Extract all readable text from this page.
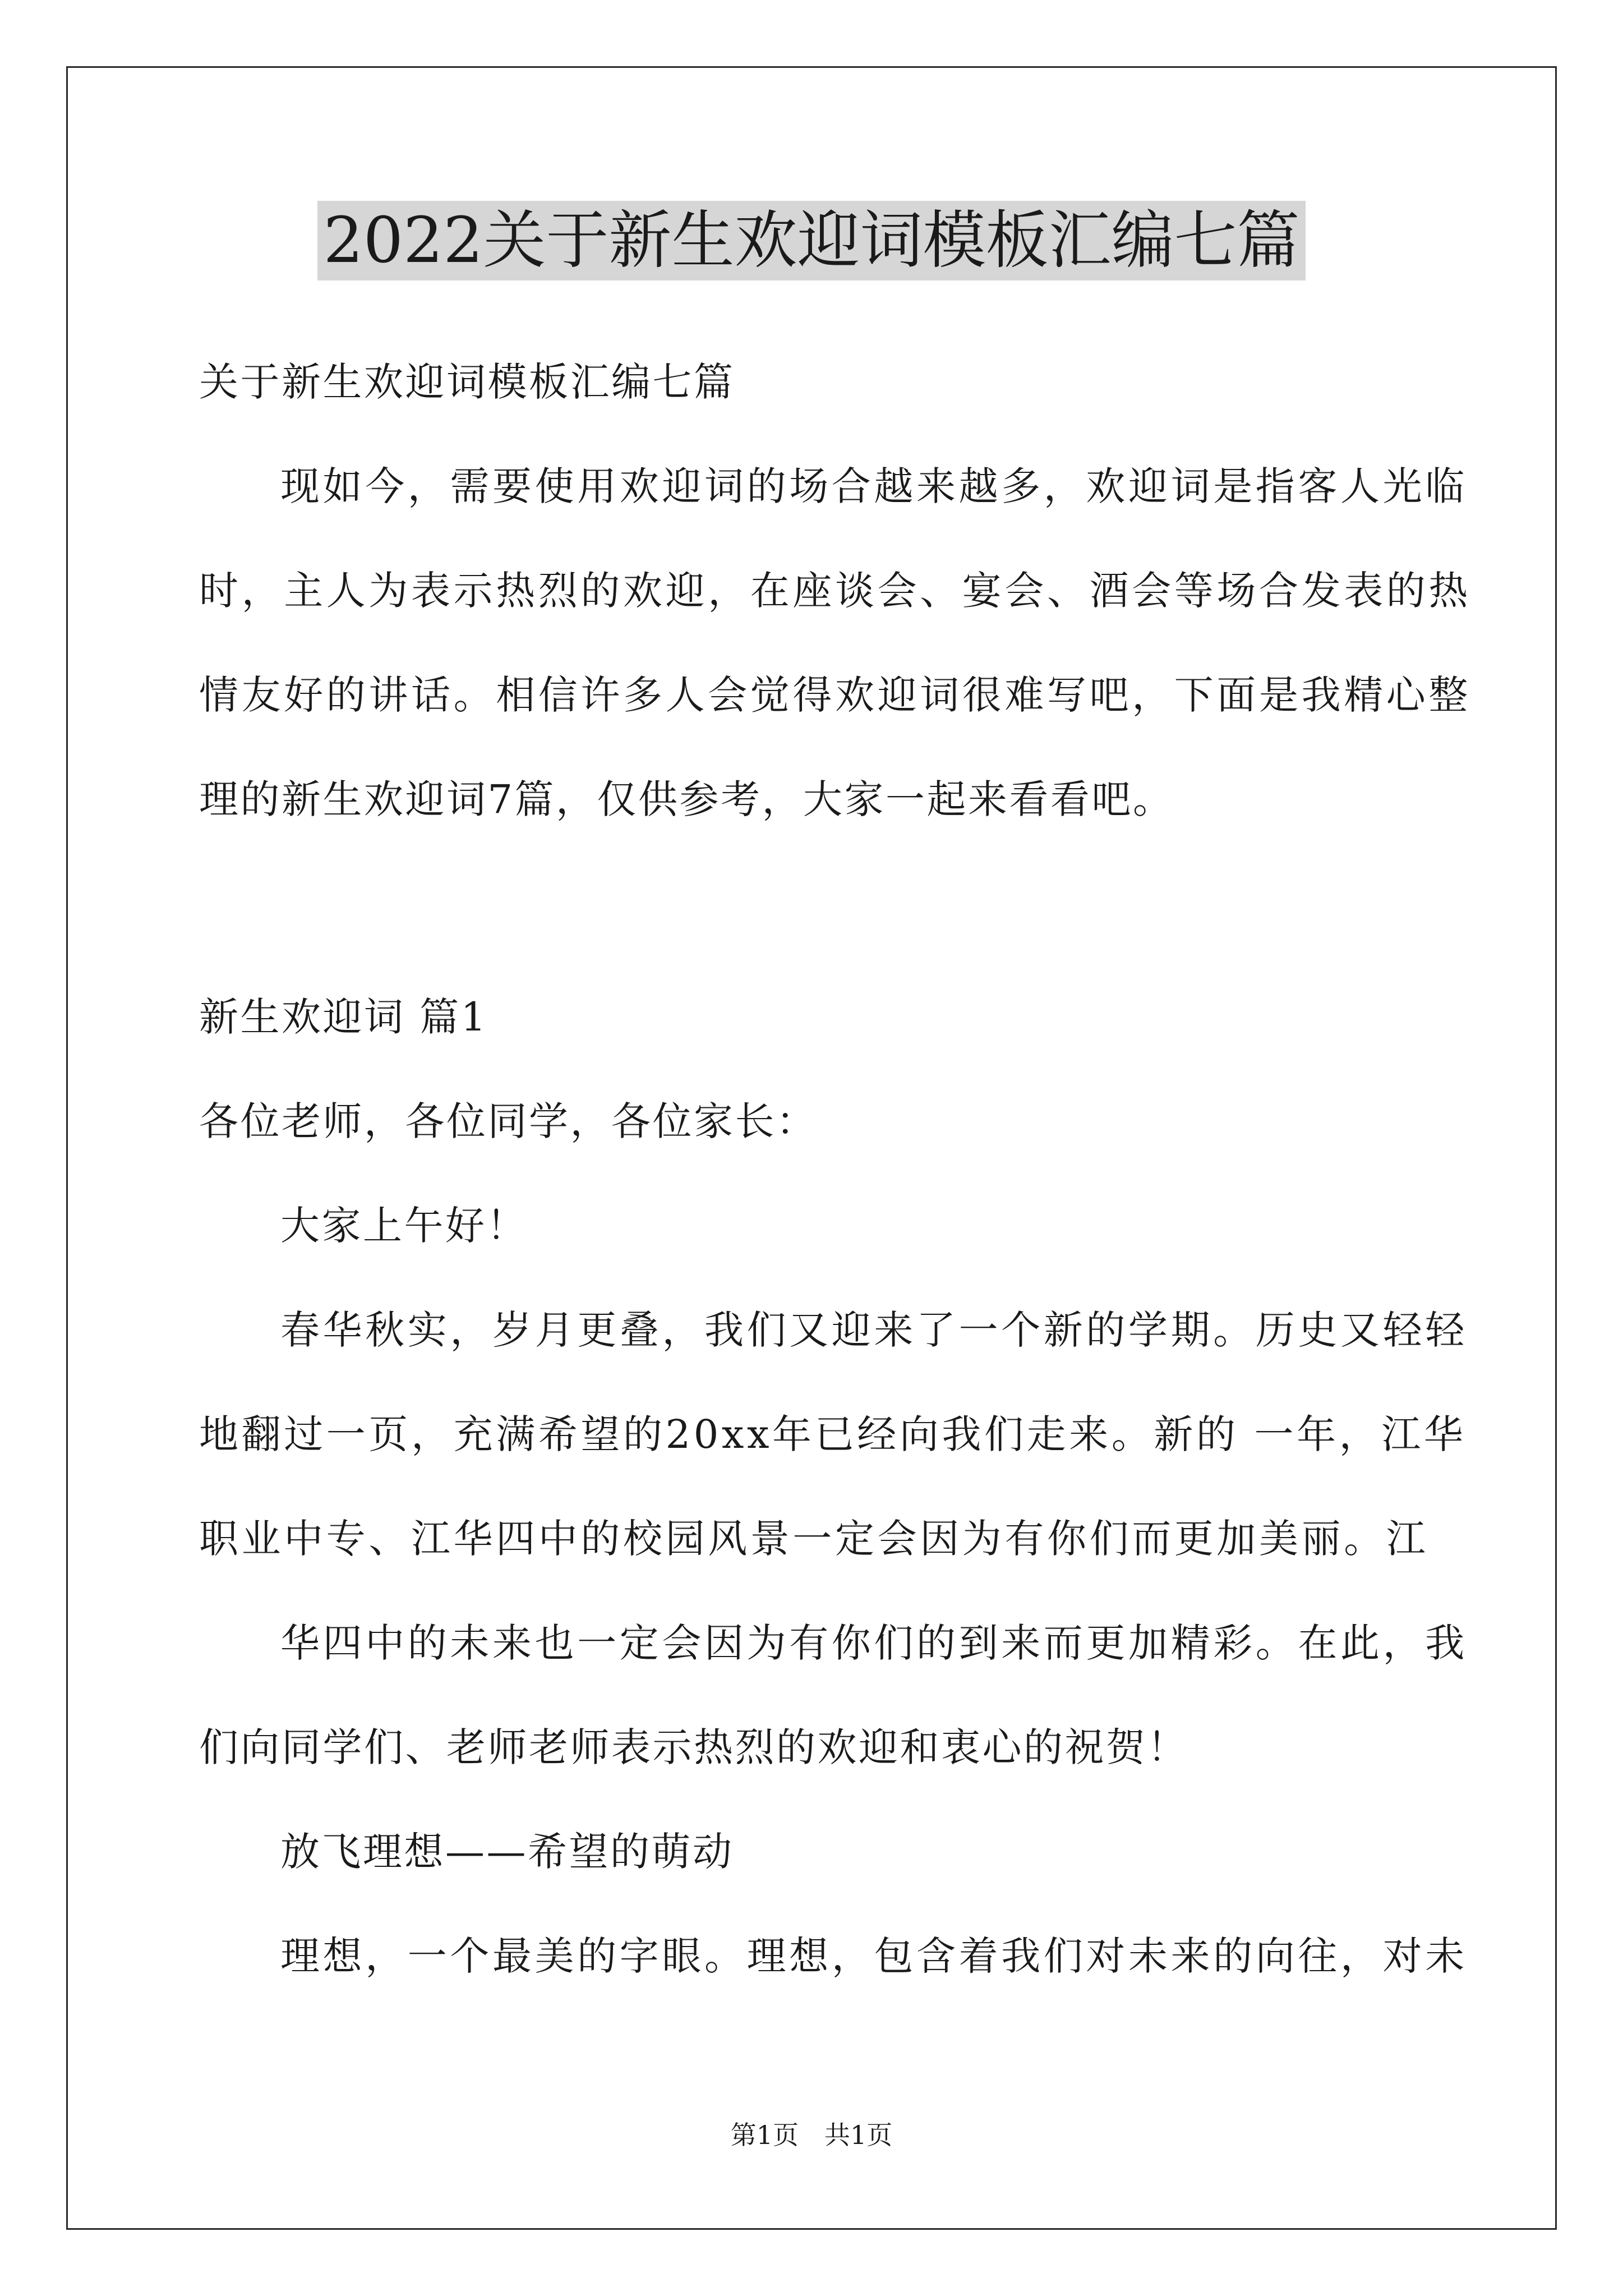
2022关于新生欢迎词模板汇编七篇
关于新生欢迎词模板汇编七篇
现如今，需要使用欢迎词的场合越来越多，欢迎词是指客人光临
时，主人为表示热烈的欢迎，在座谈会、宴会、酒会等场合发表的热
情友好的讲话。相信许多人会觉得欢迎词很难写吧，下面是我精心整
理的新生欢迎词7篇，仅供参考，大家一起来看看吧。
新生欢迎词 篇1
各位老师，各位同学，各位家长：
大家上午好！
春华秋实，岁月更叠，我们又迎来了一个新的学期。历史又轻轻
地翻过一页，充满希望的20xx年已经向我们走来。新的 一年，江华
职业中专、江华四中的校园风景一定会因为有你们而更加美丽。江
华四中的未来也一定会因为有你们的到来而更加精彩。在此，我
们向同学们、老师老师表示热烈的欢迎和衷心的祝贺！
放飞理想——希望的萌动
理想，一个最美的字眼。理想，包含着我们对未来的向往，对未
第1页　共1页
